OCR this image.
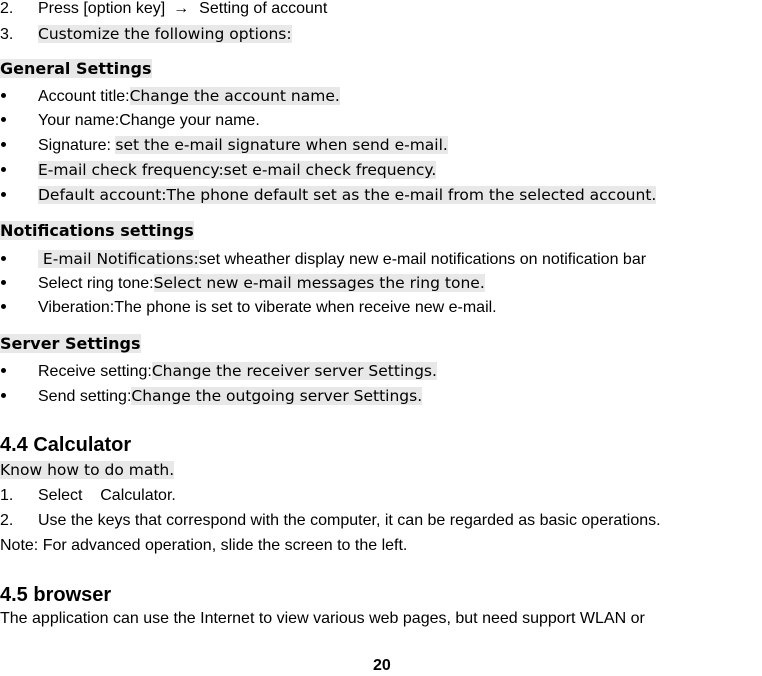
2. Press [option key] → Setting of account
3. Customize the following options:
General Settings
Account title:Change the account name.
Your name:Change your name.
Signature: set the e-mail signature when send e-mail.
E-mail check frequency:set e-mail check frequency.
Default account:The phone default set as the e-mail from the selected account.
Notifications settings
E-mail Notifications:set wheather display new e-mail notifications on notification bar
Select ring tone:Select new e-mail messages the ring tone.
Viberation:The phone is set to viberate when receive new e-mail.
Server Settings
Receive setting:Change the receiver server Settings.
Send setting:Change the outgoing server Settings.
4.4 Calculator
Know how to do math.
1. Select    Calculator.
2. Use the keys that correspond with the computer, it can be regarded as basic operations.
Note: For advanced operation, slide the screen to the left.
4.5 browser
The application can use the Internet to view various web pages, but need support WLAN or
20
